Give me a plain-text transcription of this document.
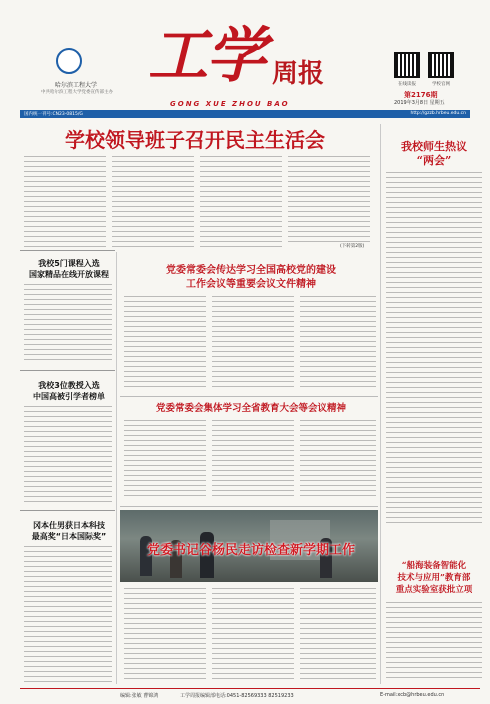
哈尔滨工程大学
中共哈尔滨工程大学党委宣传部主办
工学 周报
GONG XUE ZHOU BAO
在线读报	学校官网
第2176期
2019年3月8日 星期五
国内统一刊号:CN23-0815/G	http://gzzb.hrbeu.edu.cn
学校领导班子召开民主生活会
(下转第2版)
我校师生热议
“两会”
“船海装备智能化
技术与应用”教育部
重点实验室获批立项
我校5门课程入选
国家精品在线开放课程
我校3位教授入选
中国高被引学者榜单
冈本仕男获日本科技
最高奖“日本国际奖”
党委常委会传达学习全国高校党的建设
工作会议等重要会议文件精神
党委常委会集体学习全省教育大会等会议精神
党委书记谷杨民走访检查新学期工作
编辑:张敏 曹锦鸿	工学周报编辑部电话:0451-82569333 82519233	E-mail:xcb@hrbeu.edu.cn
